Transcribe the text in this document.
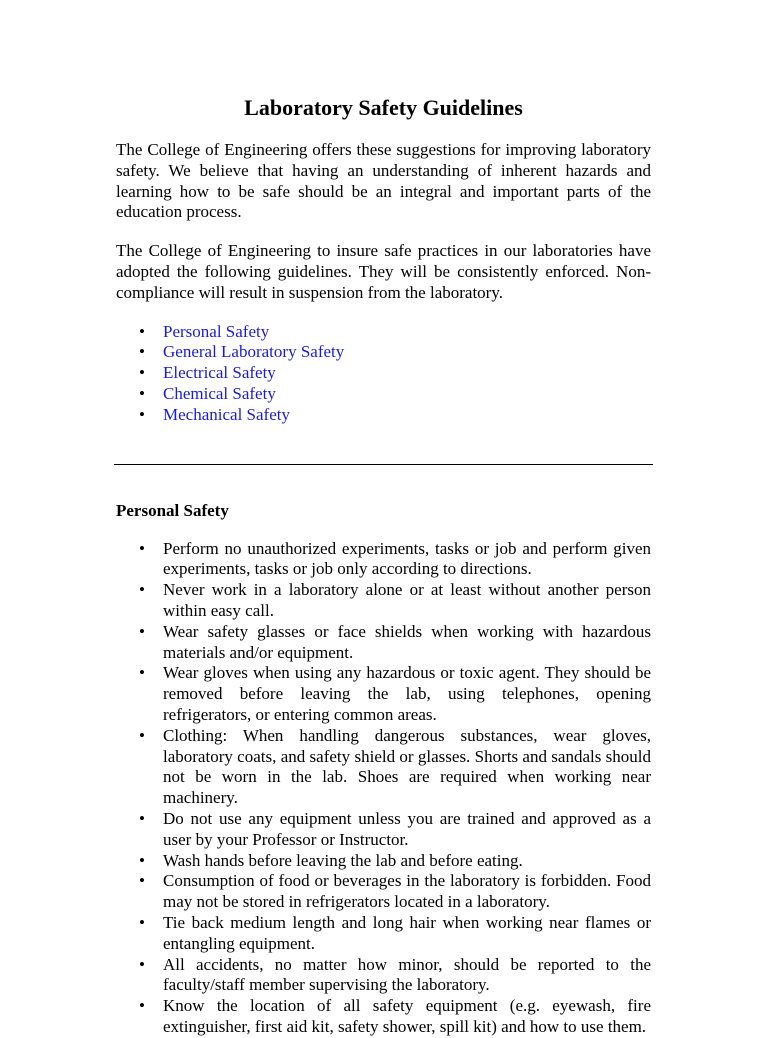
Laboratory Safety Guidelines

The College of Engineering offers these suggestions for improving laboratory safety. We believe that having an understanding of inherent hazards and learning how to be safe should be an integral and important parts of the education process.

The College of Engineering to insure safe practices in our laboratories have adopted the following guidelines. They will be consistently enforced. Non-compliance will result in suspension from the laboratory.

• Personal Safety
• General Laboratory Safety
• Electrical Safety
• Chemical Safety
• Mechanical Safety
Personal Safety
• Perform no unauthorized experiments, tasks or job and perform given experiments, tasks or job only according to directions.
• Never work in a laboratory alone or at least without another person within easy call.
• Wear safety glasses or face shields when working with hazardous materials and/or equipment.
• Wear gloves when using any hazardous or toxic agent. They should be removed before leaving the lab, using telephones, opening refrigerators, or entering common areas.
• Clothing: When handling dangerous substances, wear gloves, laboratory coats, and safety shield or glasses. Shorts and sandals should not be worn in the lab. Shoes are required when working near machinery.
• Do not use any equipment unless you are trained and approved as a user by your Professor or Instructor.
• Wash hands before leaving the lab and before eating.
• Consumption of food or beverages in the laboratory is forbidden. Food may not be stored in refrigerators located in a laboratory.
• Tie back medium length and long hair when working near flames or entangling equipment.
• All accidents, no matter how minor, should be reported to the faculty/staff member supervising the laboratory.
• Know the location of all safety equipment (e.g. eyewash, fire extinguisher, first aid kit, safety shower, spill kit) and how to use them.
